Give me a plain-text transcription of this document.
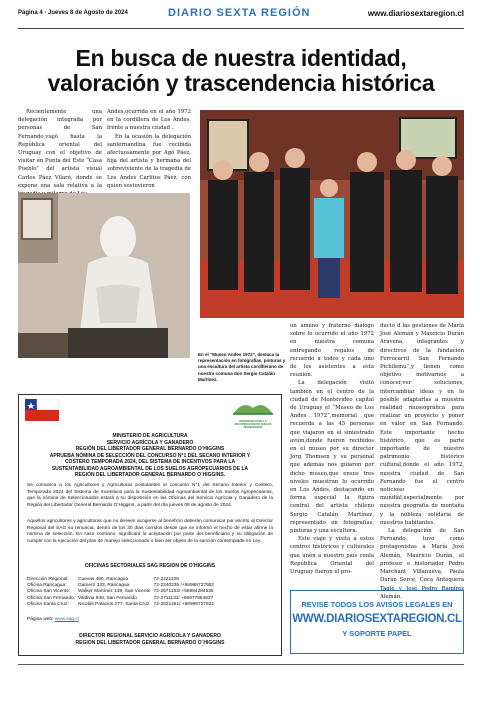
Página 4 - Jueves 8 de Agosto de 2024	DIARIO SEXTA REGIÓN	www.diariosextaregion.cl
En busca de nuestra identidad,
valoración y trascendencia histórica

Recientemente una delegación integrada por personas de San Fernando,viajó hasta la República oriental del Uruguay con el objetivo de visitar en Punta del Este “Casa Pueblo” del artista visual Carlos Páez Vilaró, donde se expone una sala relativa a la

Andes,ocurrida en el año 1972 en la cordillera de Los Andes, frente a nuestra ciudad .

En la ocasión la delegación sanfernandina fue recibida afectuosamente por Agó Páez, hija del artista y hermana del sobreviviente de la tragedia de Los Andes Carlitos Páez, con quien sostuvieron

En el “Museo Andes 1972”, destaca la representación en fotografías, pinturas y una escultura del artista cordillerano de nuestra comuna don Sergio Catalán Martínez.

un ameno y fraterno diálogo sobre lo ocurrido el año 1972 en nuestra comuna entregando regalos de recuerdo a todos y cada uno de los asistentes a esta reunión.

La delegación visitó también en el centro de la ciudad de Montevideo capital de Uruguay el “Museo de Los Andes 1972”,memorial que recuerda a las 45 personas que viajaron en el siniestrado avión,donde fueron recibidos en el museo por su director Jorg Thomsen y su personal que además nos guiaron por dicho museo,que ensus tres niveles muestran lo ocurrido en Los Andes, destacando en forma especial la figura central del artista chileno Sergio Catalán Martínez, representado en fotografías, pinturas y una escultura.

Este viaje y visita a estos centros históricos y culturales que unen a nuestro país conla República Oriental del Uruguay fueron el pro-

ducto d las gestiones de María José Alemán y Mauricio Durán Aravena, integrantes y directivos de la fundación Ferrocarril San Fernando Pichilemu”,y tienen como objetivo motivarnos a conocer,ver soluciones, intercambiar ideas y en lo posible adaptarlas a muestra realidad museográfica para realizar un proyecto y poner en valor en San Fernando. Este importante hecho histórico, que es parte importante de nuestro patrimonio histórico cultural,donde el año 1972, nuestra ciudad de San Fernando fue el centro noticioso mundial,especialmente por nuestra geografía de montaña y la nobleza solidaria de nuestros habitantes.

La delegación de San Fernando, tuvo como protagonistas a María José Alemán, Mauricio Durán, el profesor e historiador Pedro Marchant Villanueva, Paula Durán Serce, Coca Antequera Tagle y José Pedro Ramírez Alemán.

PROGRAMA PARA LA RECUPERACIÓN DE SUELOS DEGRADADOS
MINISTERIO DE AGRICULTURA
SERVICIO AGRÍCOLA Y GANADERO
REGIÓN DEL LIBERTADOR GENERAL BERNARDO O’HIGGINS
APRUEBA NÓMINA DE SELECCIÓN DEL CONCURSO N°1 DEL SECANO INTERIOR Y
COSTERO TEMPORADA 2024, DEL SISTEMA DE INCENTIVOS PARA LA
SUSTENTABILIDAD AGROAMBIENTAL DE LOS SUELOS AGROPECUARIOS DE LA
REGIÓN DEL LIBERTADOR GENERAL BERNARDO O´HIGGINS.
Se comunica a los Agricultores y Agricultoras postulantes al concurso N°1 del Secano Interior y Costero, Temporada 2024 del Sistema de Incentivos para la Sustentabilidad Agroambiental de los Suelos Agropecuarios, que la nómina de Seleccionados estará a su disposición en las Oficinas del Servicio Agrícola y Ganadero de la Región del Libertador General Bernardo O’Higgins, a partir del día jueves 08 de agosto de 2024.
Aquellos agricultores y agricultoras que no deseen acogerse al beneficio deberán comunicar por escrito al Director Regional del SAG su renuncia, dentro de los 30 días corridos desde que se informó el hecho de estar afirme la nómina de selección. En caso contrario, significará la aceptación por parte del beneficiario y su obligación de cumplir con la ejecución del plan de manejo seleccionado o bien ser objeto de la sanción contemplada en Ley.
OFICINAS SECTORIALES SAG REGION DE O’HIGGINS
Dirección Regional:	Cuevas 480, Rancagua	72-2221109
Oficina Rancagua:	Gamero 333, Rancagua	72-2240235 /+56998727952
Oficina San Vicente:	Walker Martínez 149, San Vicente	72-2571153/ +56984284538
Oficina San Fernando:	Valdivia 948, San Fernando	72-2711131/ +56977654637
Oficina Santa Cruz:	Nicolás Palacios 277, Santa Cruz	72-2821451/ +56998727822
Página web: www.sag.cl
DIRECTOR REGIONAL SERVICIO AGRÍCOLA Y GANADERO
REGION DEL LIBERTADOR GENERAL BERNARDO O´HIGGINS
REVISE TODOS LOS AVISOS LEGALES EN
WWW.DIARIOSEXTAREGION.CL
Y SOPORTE PAPEL
